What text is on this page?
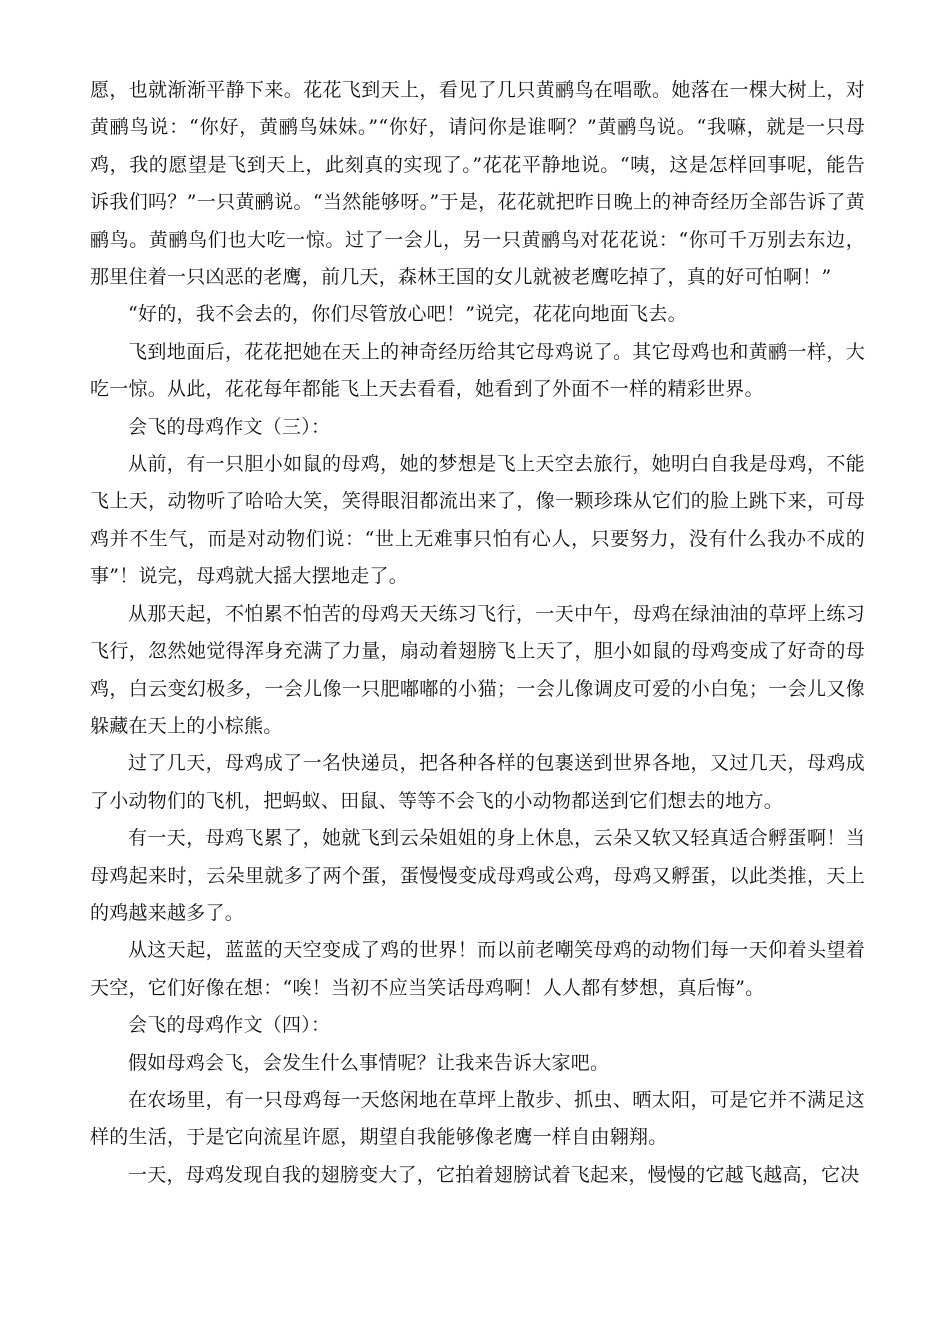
愿，也就渐渐平静下来。花花飞到天上，看见了几只黄鹂鸟在唱歌。她落在一棵大树上，对黄鹂鸟说：“你好，黄鹂鸟妹妹。”“你好，请问你是谁啊？”黄鹂鸟说。“我嘛，就是一只母鸡，我的愿望是飞到天上，此刻真的实现了。”花花平静地说。“咦，这是怎样回事呢，能告诉我们吗？”一只黄鹂说。“当然能够呀。”于是，花花就把昨日晚上的神奇经历全部告诉了黄鹂鸟。黄鹂鸟们也大吃一惊。过了一会儿，另一只黄鹂鸟对花花说：“你可千万别去东边，那里住着一只凶恶的老鹰，前几天，森林王国的女儿就被老鹰吃掉了，真的好可怕啊！”

“好的，我不会去的，你们尽管放心吧！”说完，花花向地面飞去。

飞到地面后，花花把她在天上的神奇经历给其它母鸡说了。其它母鸡也和黄鹂一样，大吃一惊。从此，花花每年都能飞上天去看看，她看到了外面不一样的精彩世界。

会飞的母鸡作文（三）：

从前，有一只胆小如鼠的母鸡，她的梦想是飞上天空去旅行，她明白自我是母鸡，不能飞上天，动物听了哈哈大笑，笑得眼泪都流出来了，像一颗珍珠从它们的脸上跳下来，可母鸡并不生气，而是对动物们说：“世上无难事只怕有心人，只要努力，没有什么我办不成的事”！说完，母鸡就大摇大摆地走了。

从那天起，不怕累不怕苦的母鸡天天练习飞行，一天中午，母鸡在绿油油的草坪上练习飞行，忽然她觉得浑身充满了力量，扇动着翅膀飞上天了，胆小如鼠的母鸡变成了好奇的母鸡，白云变幻极多，一会儿像一只肥嘟嘟的小猫；一会儿像调皮可爱的小白兔；一会儿又像躲藏在天上的小棕熊。

过了几天，母鸡成了一名快递员，把各种各样的包裹送到世界各地，又过几天，母鸡成了小动物们的飞机，把蚂蚁、田鼠、等等不会飞的小动物都送到它们想去的地方。

有一天，母鸡飞累了，她就飞到云朵姐姐的身上休息，云朵又软又轻真适合孵蛋啊！当母鸡起来时，云朵里就多了两个蛋，蛋慢慢变成母鸡或公鸡，母鸡又孵蛋，以此类推，天上的鸡越来越多了。

从这天起，蓝蓝的天空变成了鸡的世界！而以前老嘲笑母鸡的动物们每一天仰着头望着天空，它们好像在想：“唉！当初不应当笑话母鸡啊！人人都有梦想，真后悔”。

会飞的母鸡作文（四）：

假如母鸡会飞，会发生什么事情呢？让我来告诉大家吧。

在农场里，有一只母鸡每一天悠闲地在草坪上散步、抓虫、晒太阳，可是它并不满足这样的生活，于是它向流星许愿，期望自我能够像老鹰一样自由翱翔。

一天，母鸡发现自我的翅膀变大了，它拍着翅膀试着飞起来，慢慢的它越飞越高，它决
